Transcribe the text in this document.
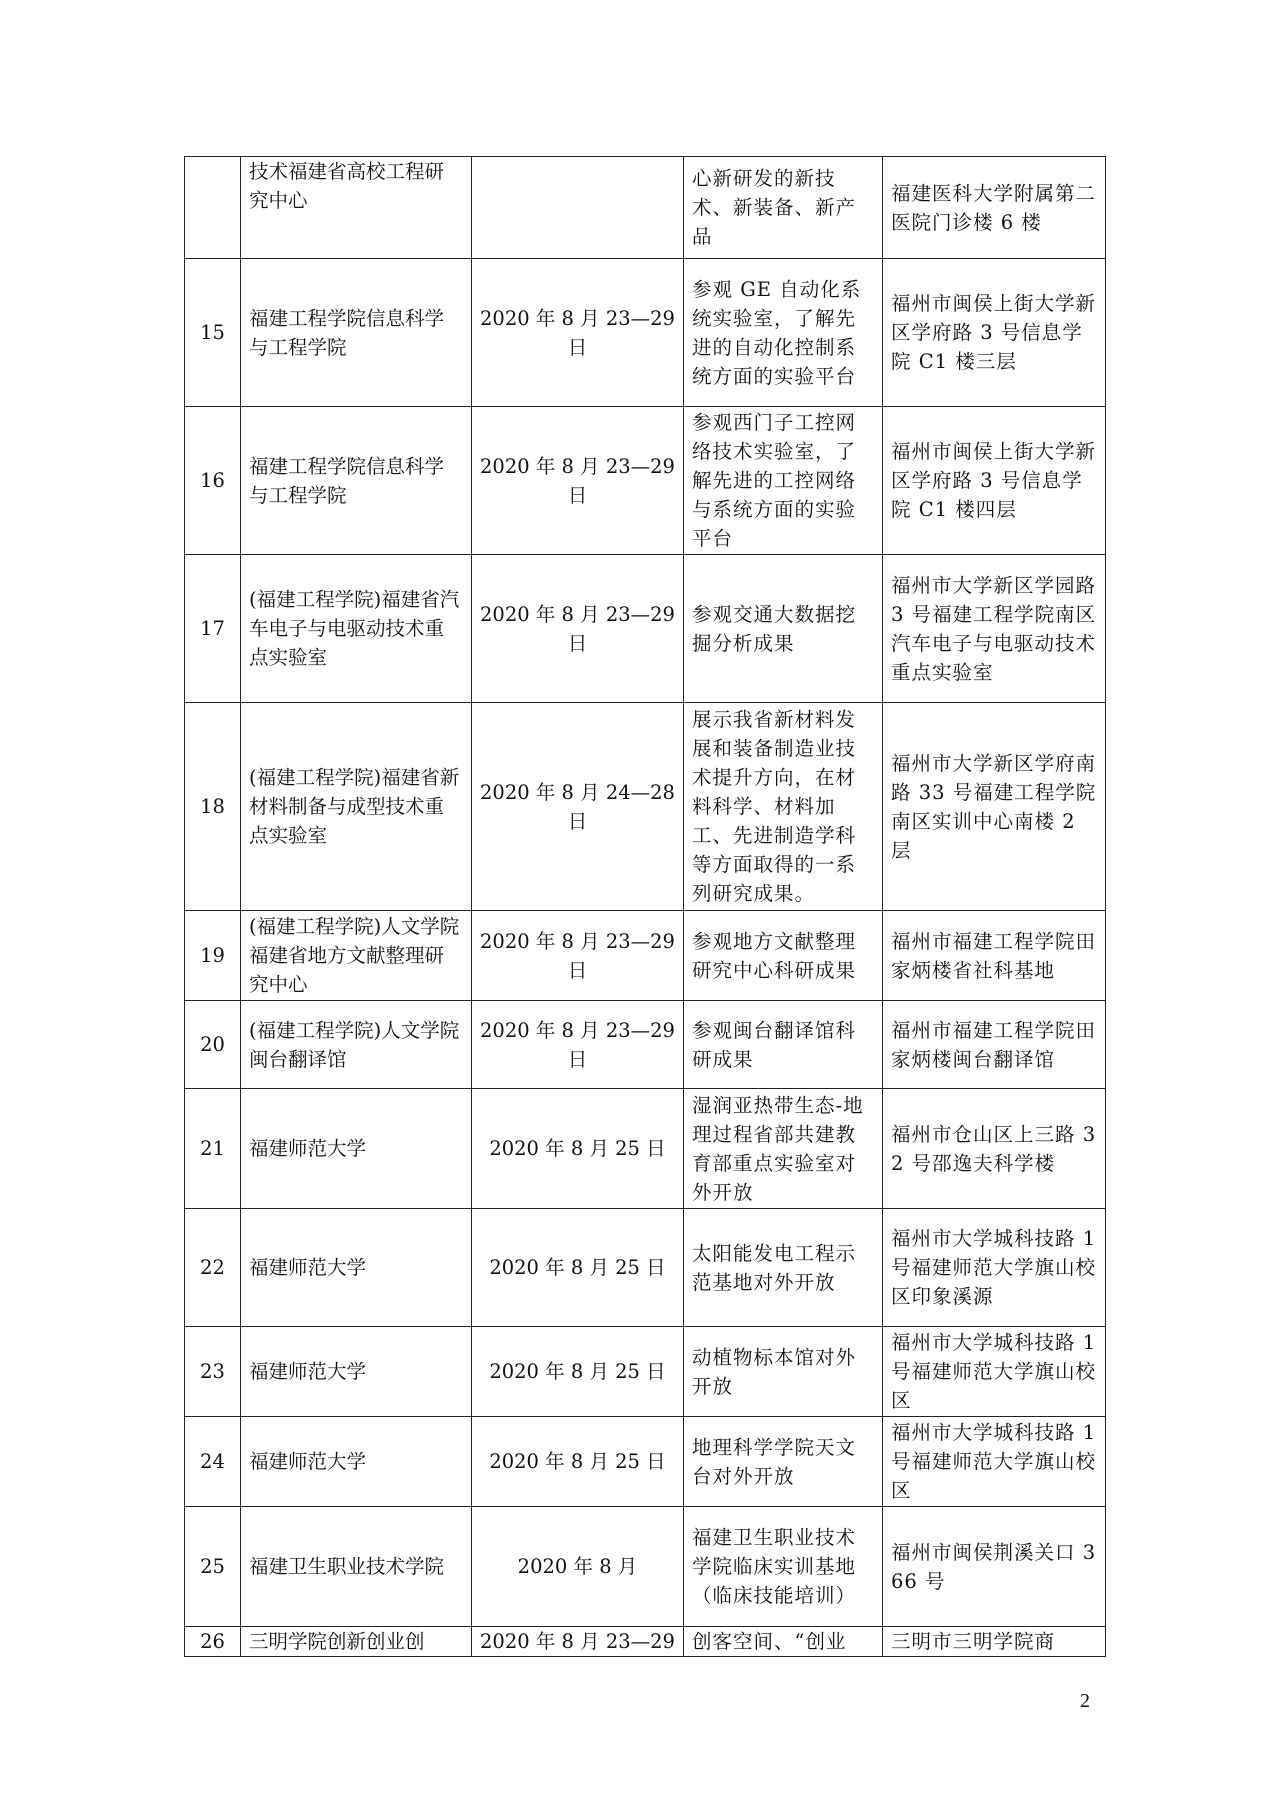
	技术福建省高校工程研究中心		心新研发的新技术、新装备、新产品	福建医科大学附属第二医院门诊楼 6 楼
15	福建工程学院信息科学与工程学院	2020 年 8 月 23—29 日	参观 GE 自动化系统实验室，了解先进的自动化控制系统方面的实验平台	福州市闽侯上街大学新区学府路 3 号信息学院 C1 楼三层
16	福建工程学院信息科学与工程学院	2020 年 8 月 23—29 日	参观西门子工控网络技术实验室，了解先进的工控网络与系统方面的实验平台	福州市闽侯上街大学新区学府路 3 号信息学院 C1 楼四层
17	(福建工程学院)福建省汽车电子与电驱动技术重点实验室	2020 年 8 月 23—29 日	参观交通大数据挖掘分析成果	福州市大学新区学园路 3 号福建工程学院南区汽车电子与电驱动技术重点实验室
18	(福建工程学院)福建省新材料制备与成型技术重点实验室	2020 年 8 月 24—28 日	展示我省新材料发展和装备制造业技术提升方向，在材料科学、材料加工、先进制造学科等方面取得的一系列研究成果。	福州市大学新区学府南路 33 号福建工程学院南区实训中心南楼 2 层
19	(福建工程学院)人文学院福建省地方文献整理研究中心	2020 年 8 月 23—29 日	参观地方文献整理研究中心科研成果	福州市福建工程学院田家炳楼省社科基地
20	(福建工程学院)人文学院闽台翻译馆	2020 年 8 月 23—29 日	参观闽台翻译馆科研成果	福州市福建工程学院田家炳楼闽台翻译馆
21	福建师范大学	2020 年 8 月 25 日	湿润亚热带生态-地理过程省部共建教育部重点实验室对外开放	福州市仓山区上三路 32 号邵逸夫科学楼
22	福建师范大学	2020 年 8 月 25 日	太阳能发电工程示范基地对外开放	福州市大学城科技路 1 号福建师范大学旗山校区印象溪源
23	福建师范大学	2020 年 8 月 25 日	动植物标本馆对外开放	福州市大学城科技路 1 号福建师范大学旗山校区
24	福建师范大学	2020 年 8 月 25 日	地理科学学院天文台对外开放	福州市大学城科技路 1 号福建师范大学旗山校区
25	福建卫生职业技术学院	2020 年 8 月	福建卫生职业技术学院临床实训基地（临床技能培训）	福州市闽侯荆溪关口 366 号
26	三明学院创新创业创	2020 年 8 月 23—29	创客空间、“创业	三明市三明学院商
2
